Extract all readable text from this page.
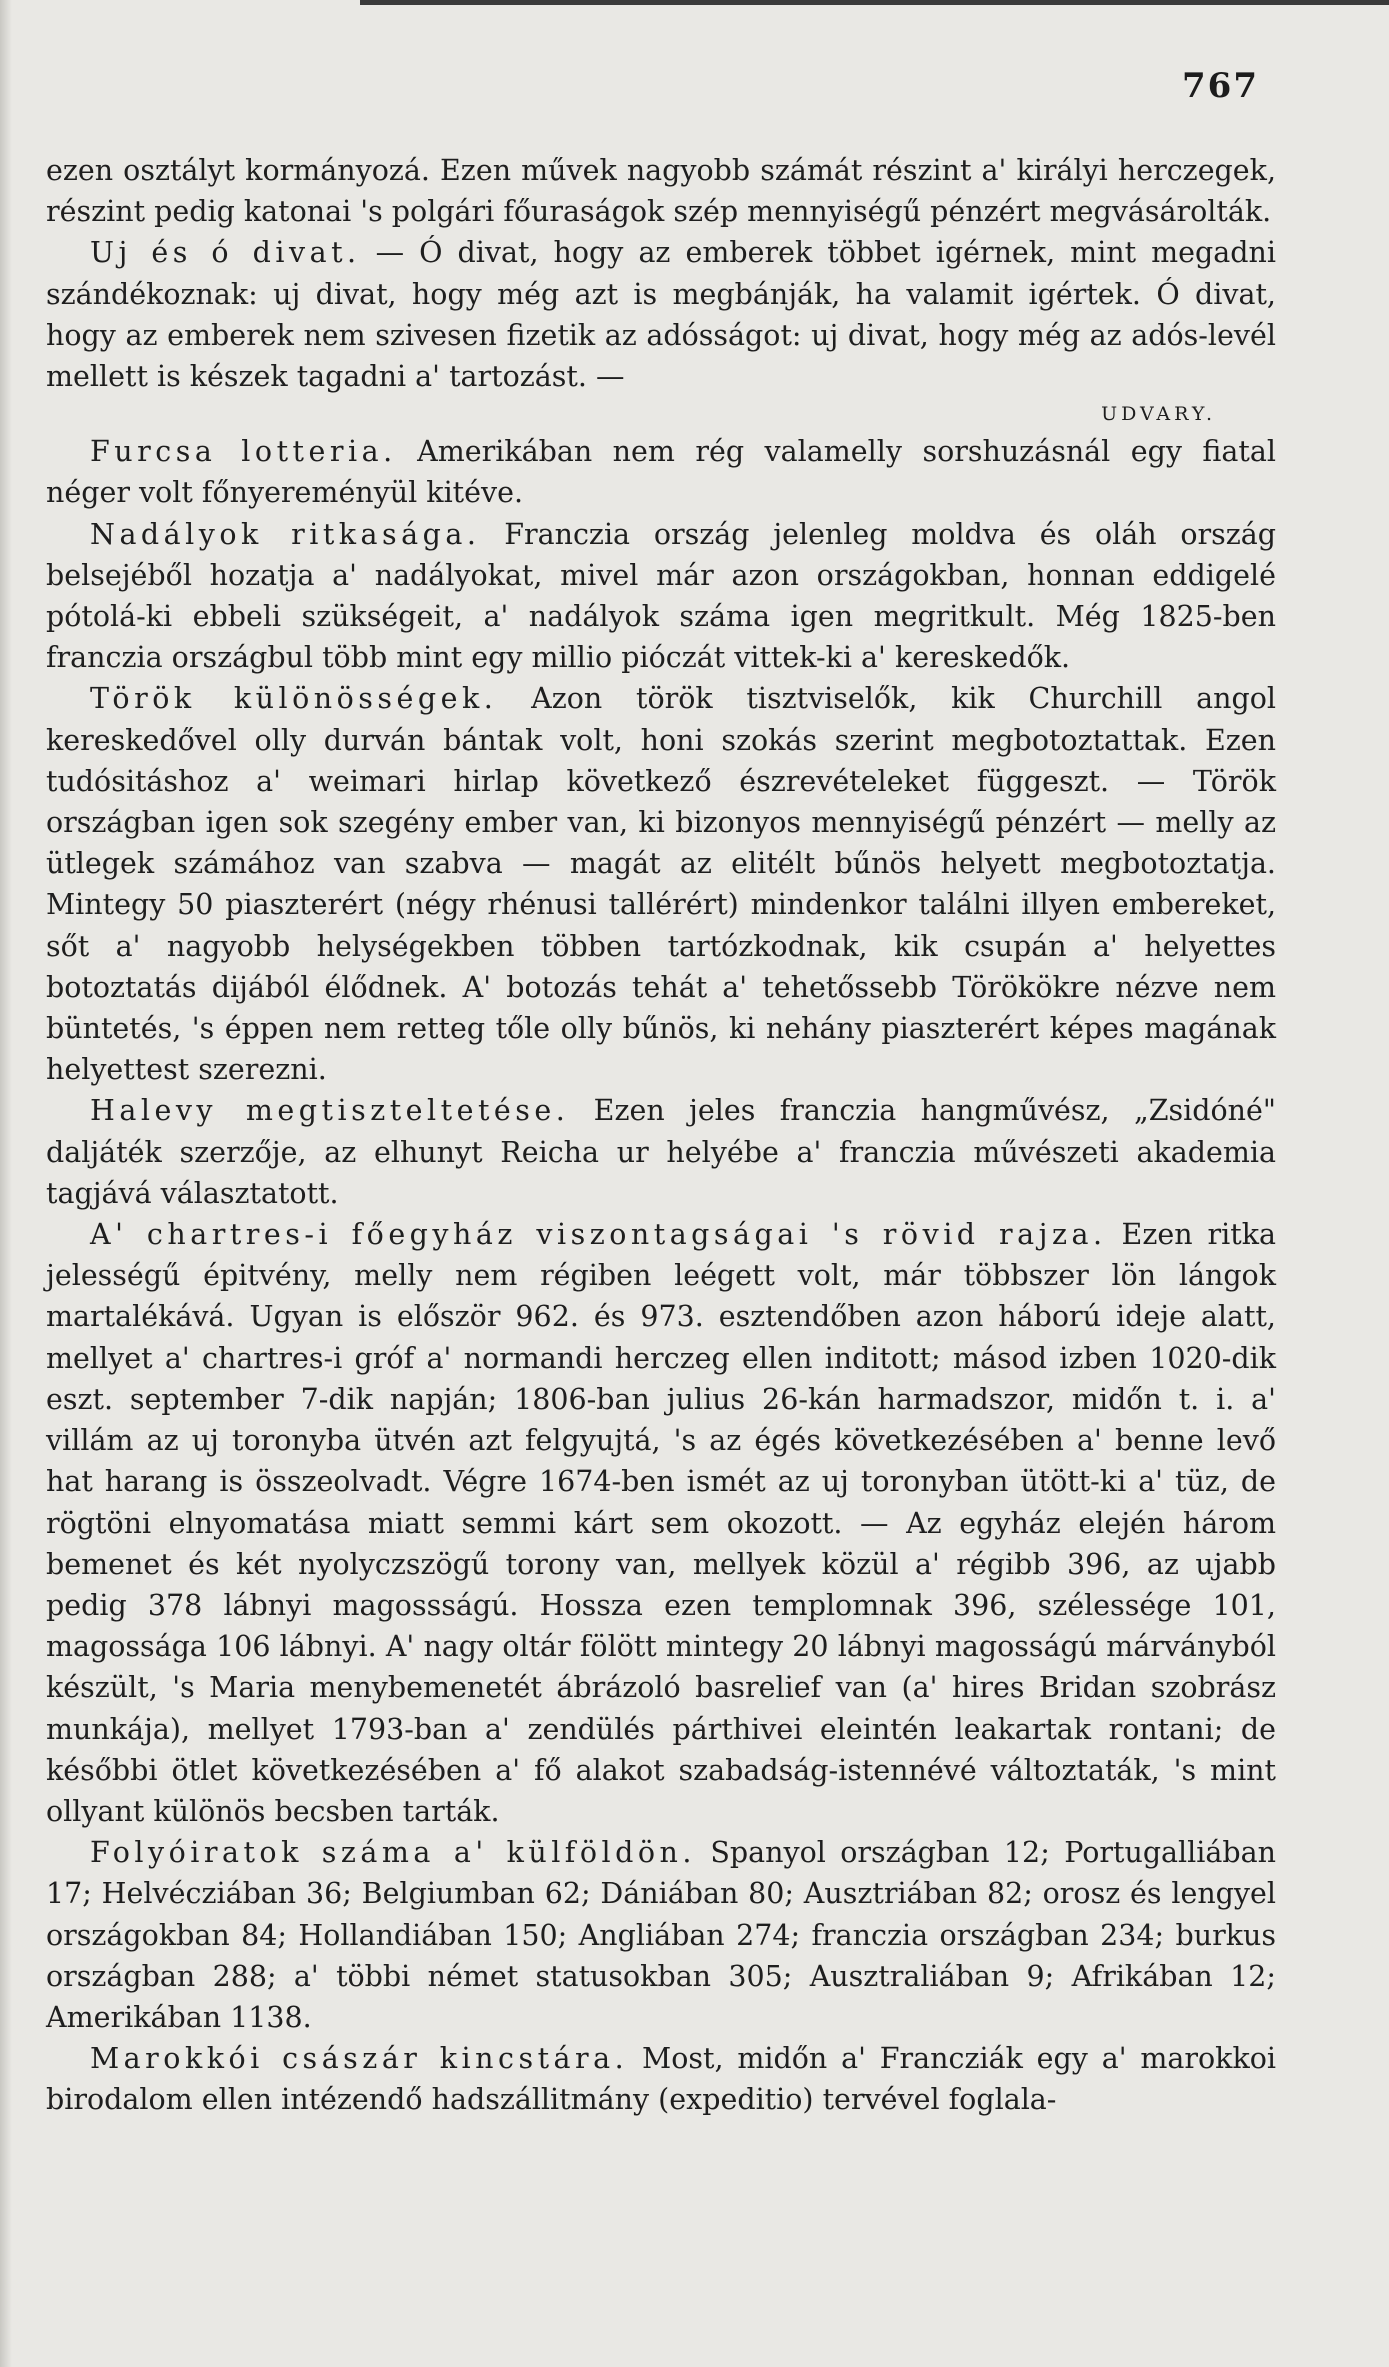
767

ezen osztályt kormányozá. Ezen művek nagyobb számát részint a' királyi herczegek, részint pedig katonai 's polgári főuraságok szép mennyiségű pénzért megvásárolták.

Uj és ó divat. — Ó divat, hogy az emberek többet igérnek, mint megadni szándékoznak: uj divat, hogy még azt is megbánják, ha valamit igértek. Ó divat, hogy az emberek nem szivesen fizetik az adósságot: uj divat, hogy még az adós-levél mellett is készek tagadni a' tartozást. —

UDVARY.

Furcsa lotteria. Amerikában nem rég valamelly sorshuzásnál egy fiatal néger volt főnyereményül kitéve.

Nadályok ritkasága. Franczia ország jelenleg moldva és oláh ország belsejéből hozatja a' nadályokat, mivel már azon országokban, honnan eddigelé pótolá-ki ebbeli szükségeit, a' nadályok száma igen megritkult. Még 1825-ben franczia országbul több mint egy millio pióczát vittek-ki a' kereskedők.

Török különösségek. Azon török tisztviselők, kik Churchill angol kereskedővel olly durván bántak volt, honi szokás szerint megbotoztattak. Ezen tudósitáshoz a' weimari hirlap következő észrevételeket függeszt. — Török országban igen sok szegény ember van, ki bizonyos mennyiségű pénzért — melly az ütlegek számához van szabva — magát az elitélt bűnös helyett megbotoztatja. Mintegy 50 piaszterért (négy rhénusi tallérért) mindenkor találni illyen embereket, sőt a' nagyobb helységekben többen tartózkodnak, kik csupán a' helyettes botoztatás dijából élődnek. A' botozás tehát a' tehetőssebb Törökökre nézve nem büntetés, 's éppen nem retteg tőle olly bűnös, ki nehány piaszterért képes magának helyettest szerezni.

Halevy megtiszteltetése. Ezen jeles franczia hangművész, „Zsidóné" daljáték szerzője, az elhunyt Reicha ur helyébe a' franczia művészeti akademia tagjává választatott.

A' chartres-i főegyház viszontagságai 's rövid rajza. Ezen ritka jelességű épitvény, melly nem régiben leégett volt, már többszer lön lángok martalékává. Ugyan is először 962. és 973. esztendőben azon háború ideje alatt, mellyet a' chartres-i gróf a' normandi herczeg ellen inditott; másod izben 1020-dik eszt. september 7-dik napján; 1806-ban julius 26-kán harmadszor, midőn t. i. a' villám az uj toronyba ütvén azt felgyujtá, 's az égés következésében a' benne levő hat harang is összeolvadt. Végre 1674-ben ismét az uj toronyban ütött-ki a' tüz, de rögtöni elnyomatása miatt semmi kárt sem okozott. — Az egyház elején három bemenet és két nyolyczszögű torony van, mellyek közül a' régibb 396, az ujabb pedig 378 lábnyi magossságú. Hossza ezen templomnak 396, szélessége 101, magossága 106 lábnyi. A' nagy oltár fölött mintegy 20 lábnyi magosságú márványból készült, 's Maria menybemenetét ábrázoló basrelief van (a' hires Bridan szobrász munkája), mellyet 1793-ban a' zendülés párthivei eleintén leakartak rontani; de későbbi ötlet következésében a' fő alakot szabadság-istennévé változtaták, 's mint ollyant különös becsben tarták.

Folyóiratok száma a' külföldön. Spanyol országban 12; Portugalliában 17; Helvécziában 36; Belgiumban 62; Dániában 80; Ausztriában 82; orosz és lengyel országokban 84; Hollandiában 150; Angliában 274; franczia országban 234; burkus országban 288; a' többi német statusokban 305; Ausztraliában 9; Afrikában 12; Amerikában 1138.

Marokkói császár kincstára. Most, midőn a' Francziák egy a' marokkoi birodalom ellen intézendő hadszállitmány (expeditio) tervével foglala-
